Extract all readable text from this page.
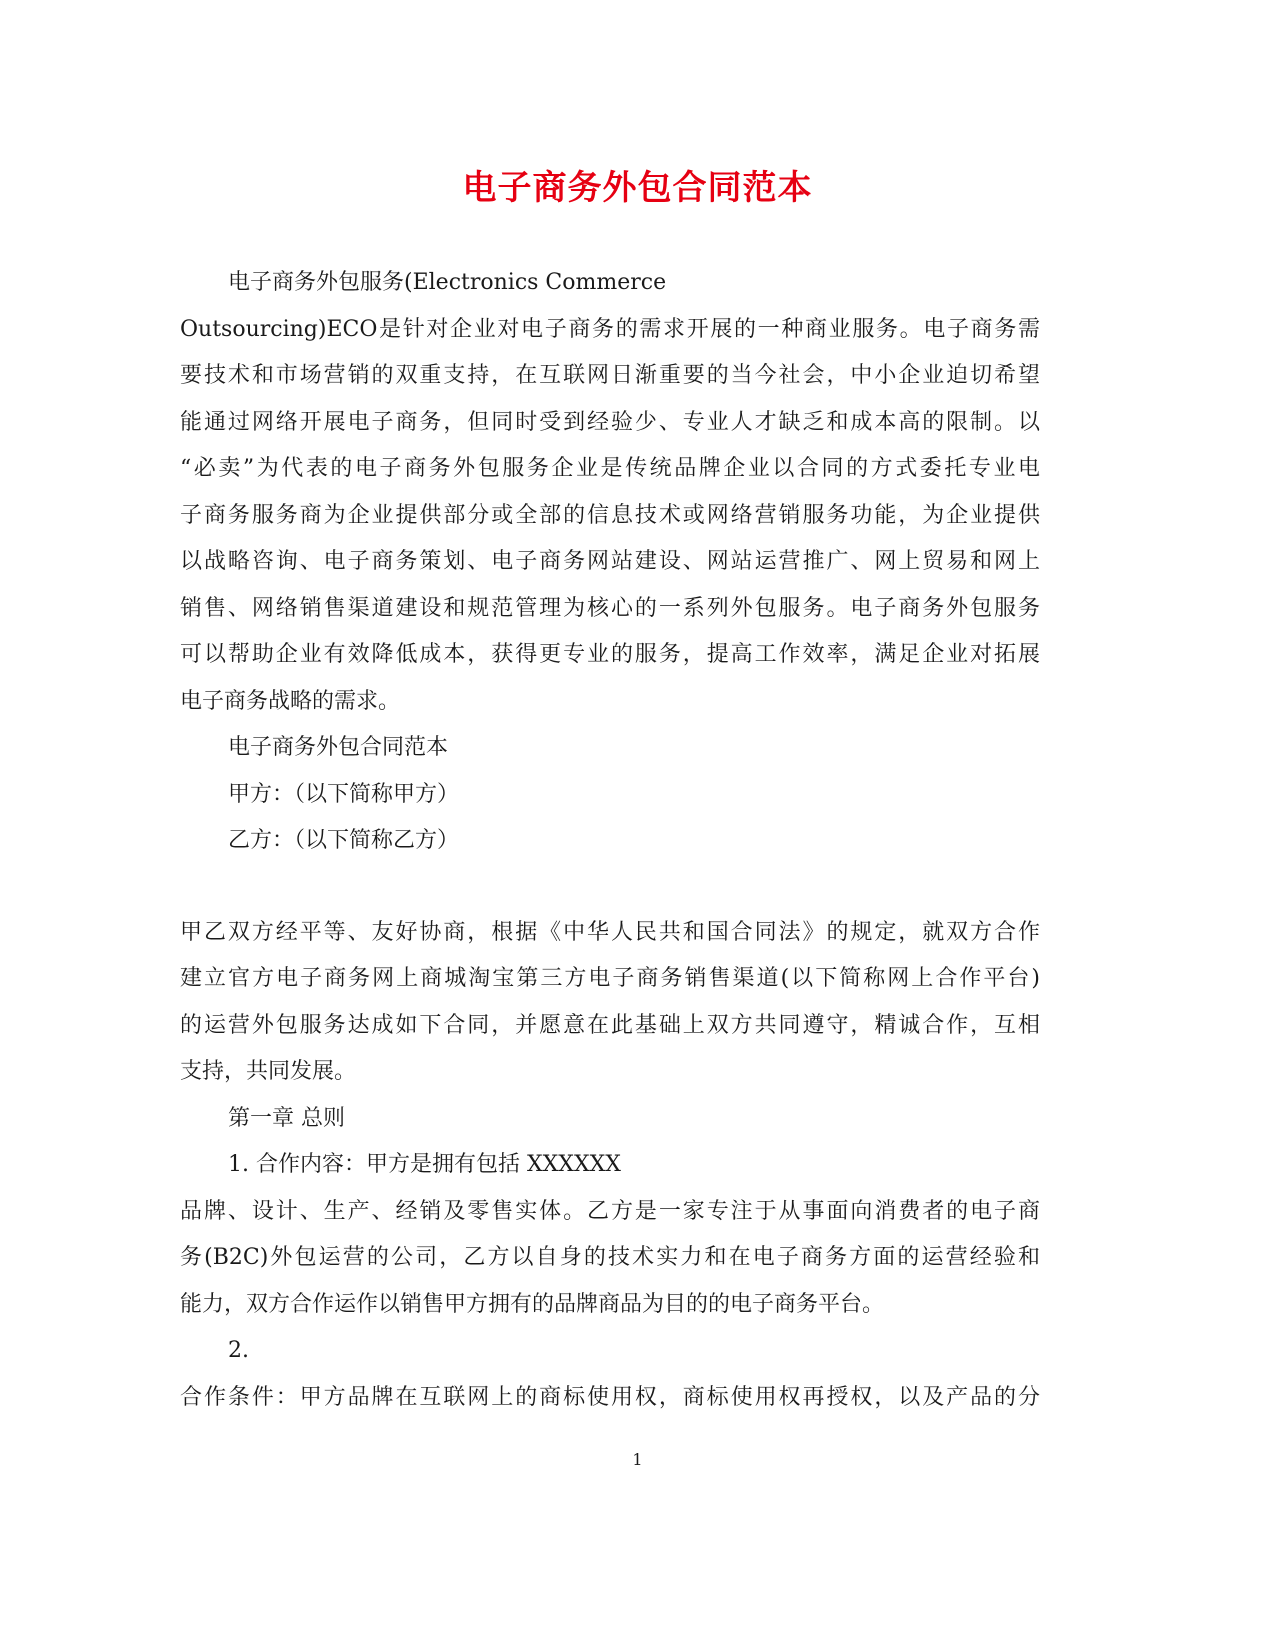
电子商务外包合同范本
电子商务外包服务(Electronics Commerce
Outsourcing)ECO是针对企业对电子商务的需求开展的一种商业服务。电子商务需
要技术和市场营销的双重支持，在互联网日渐重要的当今社会，中小企业迫切希望
能通过网络开展电子商务，但同时受到经验少、专业人才缺乏和成本高的限制。以
“必卖”为代表的电子商务外包服务企业是传统品牌企业以合同的方式委托专业电
子商务服务商为企业提供部分或全部的信息技术或网络营销服务功能，为企业提供
以战略咨询、电子商务策划、电子商务网站建设、网站运营推广、网上贸易和网上
销售、网络销售渠道建设和规范管理为核心的一系列外包服务。电子商务外包服务
可以帮助企业有效降低成本，获得更专业的服务，提高工作效率，满足企业对拓展
电子商务战略的需求。
电子商务外包合同范本
甲方：（以下简称甲方）
乙方：（以下简称乙方）
甲乙双方经平等、友好协商，根据《中华人民共和国合同法》的规定，就双方合作
建立官方电子商务网上商城淘宝第三方电子商务销售渠道(以下简称网上合作平台)
的运营外包服务达成如下合同，并愿意在此基础上双方共同遵守，精诚合作，互相
支持，共同发展。
第一章 总则
1. 合作内容：甲方是拥有包括 XXXXXX
品牌、设计、生产、经销及零售实体。乙方是一家专注于从事面向消费者的电子商
务(B2C)外包运营的公司，乙方以自身的技术实力和在电子商务方面的运营经验和
能力，双方合作运作以销售甲方拥有的品牌商品为目的的电子商务平台。
2.
合作条件：甲方品牌在互联网上的商标使用权，商标使用权再授权，以及产品的分
1
